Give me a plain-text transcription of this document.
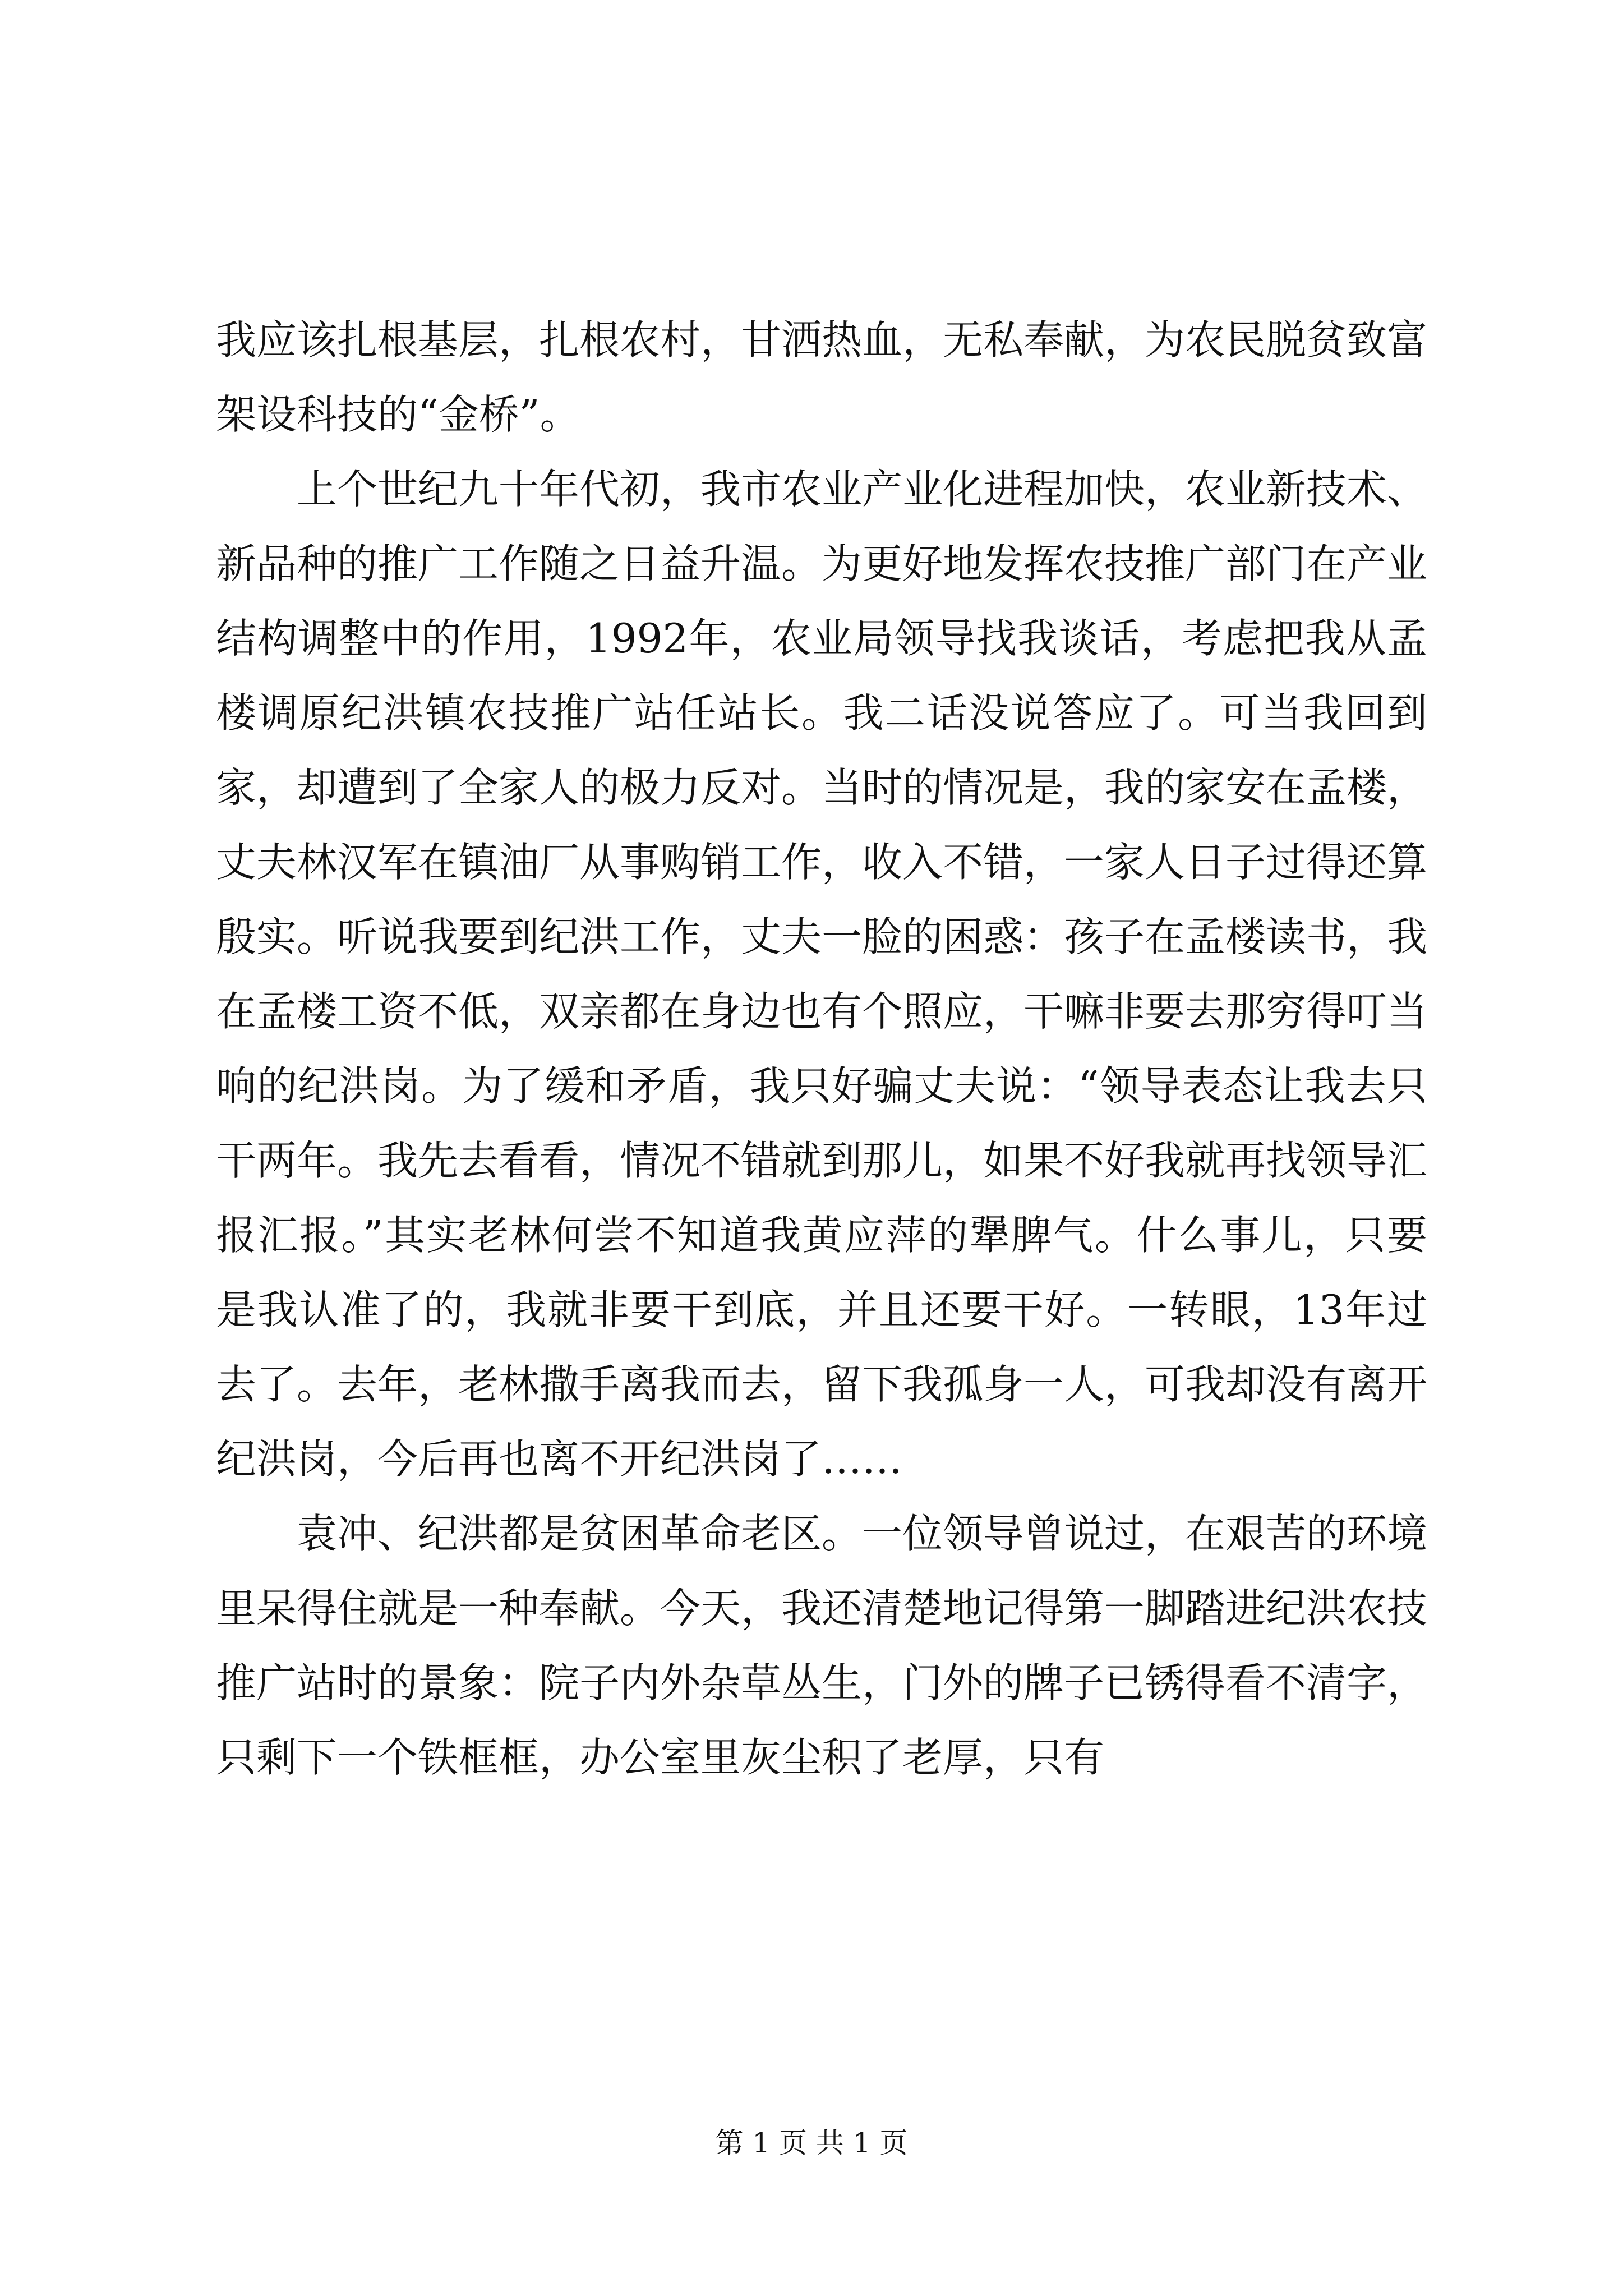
我应该扎根基层，扎根农村，甘洒热血，无私奉献，为农民脱贫致富架设科技的“金桥”。

上个世纪九十年代初，我市农业产业化进程加快，农业新技术、新品种的推广工作随之日益升温。为更好地发挥农技推广部门在产业结构调整中的作用，1992年，农业局领导找我谈话，考虑把我从孟楼调原纪洪镇农技推广站任站长。我二话没说答应了。可当我回到家，却遭到了全家人的极力反对。当时的情况是，我的家安在孟楼，丈夫林汉军在镇油厂从事购销工作，收入不错，一家人日子过得还算殷实。听说我要到纪洪工作，丈夫一脸的困惑：孩子在孟楼读书，我在孟楼工资不低，双亲都在身边也有个照应，干嘛非要去那穷得叮当响的纪洪岗。为了缓和矛盾，我只好骗丈夫说：“领导表态让我去只干两年。我先去看看，情况不错就到那儿，如果不好我就再找领导汇报汇报。”其实老林何尝不知道我黄应萍的犟脾气。什么事儿，只要是我认准了的，我就非要干到底，并且还要干好。一转眼，13年过去了。去年，老林撒手离我而去，留下我孤身一人，可我却没有离开纪洪岗，今后再也离不开纪洪岗了……

袁冲、纪洪都是贫困革命老区。一位领导曾说过，在艰苦的环境里呆得住就是一种奉献。今天，我还清楚地记得第一脚踏进纪洪农技推广站时的景象：院子内外杂草丛生，门外的牌子已锈得看不清字，只剩下一个铁框框，办公室里灰尘积了老厚，只有

第 1 页 共 1 页
